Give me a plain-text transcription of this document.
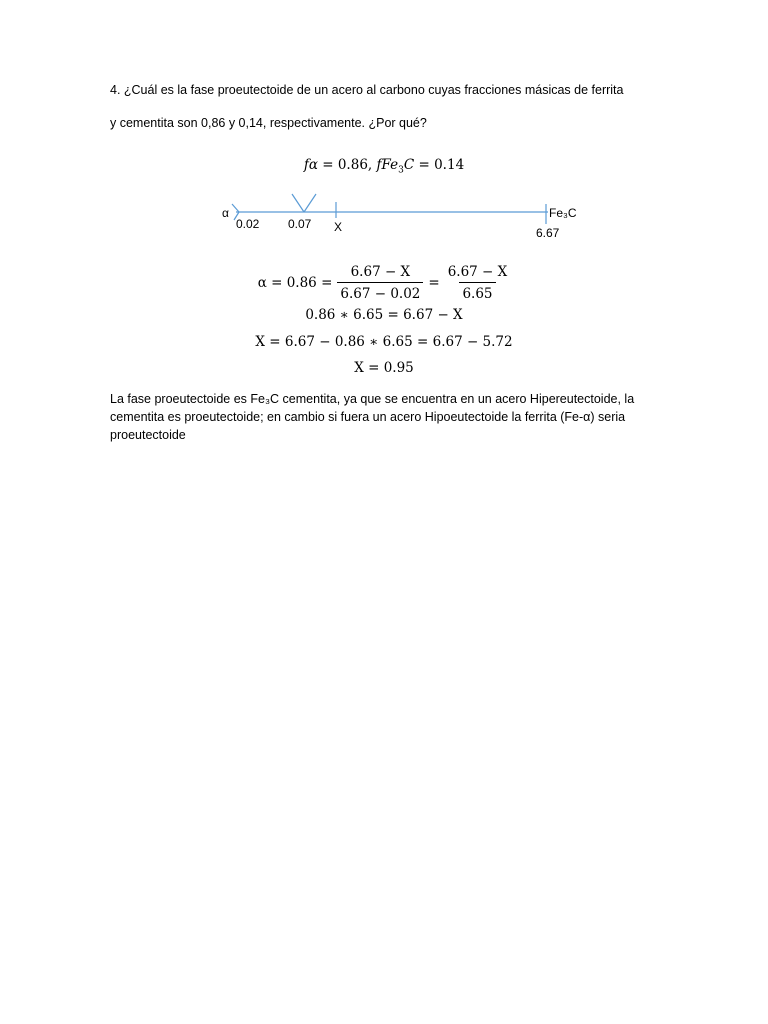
4. ¿Cuál es la fase proeutectoide de un acero al carbono cuyas fracciones másicas de ferrita

y cementita son 0,86 y 0,14, respectivamente. ¿Por qué?

fα = 0.86, fFe$_3$C = 0.14
α
0.02 0.07 X
Fe₃C
6.67
$\alpha = 0.86 = \frac{6.67 - X}{6.67 - 0.02} = \frac{6.67 - X}{6.65}$
0.86 ∗ 6.65 = 6.67 − X
X = 6.67 − 0.86 ∗ 6.65 = 6.67 − 5.72
X = 0.95

La fase proeutectoide es Fe₃C cementita, ya que se encuentra en un acero Hipereutectoide, la cementita es proeutectoide; en cambio si fuera un acero Hipoeutectoide la ferrita (Fe-α) seria proeutectoide
